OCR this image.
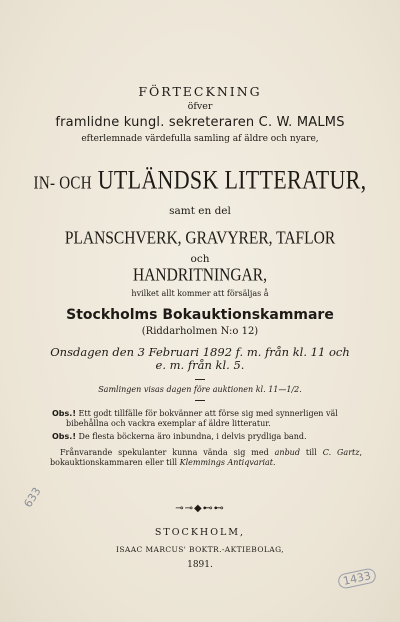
FÖRTECKNING
öfver
framlidne kungl. sekreteraren C. W. MALMS
efterlemnade värdefulla samling af äldre och nyare,
IN- OCH UTLÄNDSK LITTERATUR,
samt en del
PLANSCHVERK, GRAVYRER, TAFLOR
och
HANDRITNINGAR,
hvilket allt kommer att försäljas å
Stockholms Bokauktionskammare
(Riddarholmen N:o 12)
Onsdagen den 3 Februari 1892 f. m. från kl. 11 och e. m. från kl. 5.
Samlingen visas dagen före auktionen kl. 11—1/2.
Obs.! Ett godt tillfälle för bokvänner att förse sig med synnerligen väl bibehållna och vackra exemplar af äldre litteratur.
Obs.! De flesta böckerna äro inbundna, i delvis prydliga band.
Frånvarande spekulanter kunna vända sig med anbud till C. Gartz, bokauktionskammaren eller till Klemmings Antiqvariat.
⊸⊸◆⊷⊷
STOCKHOLM,
ISAAC MARCUS' BOKTR.-AKTIEBOLAG,
1891.
633
1433
